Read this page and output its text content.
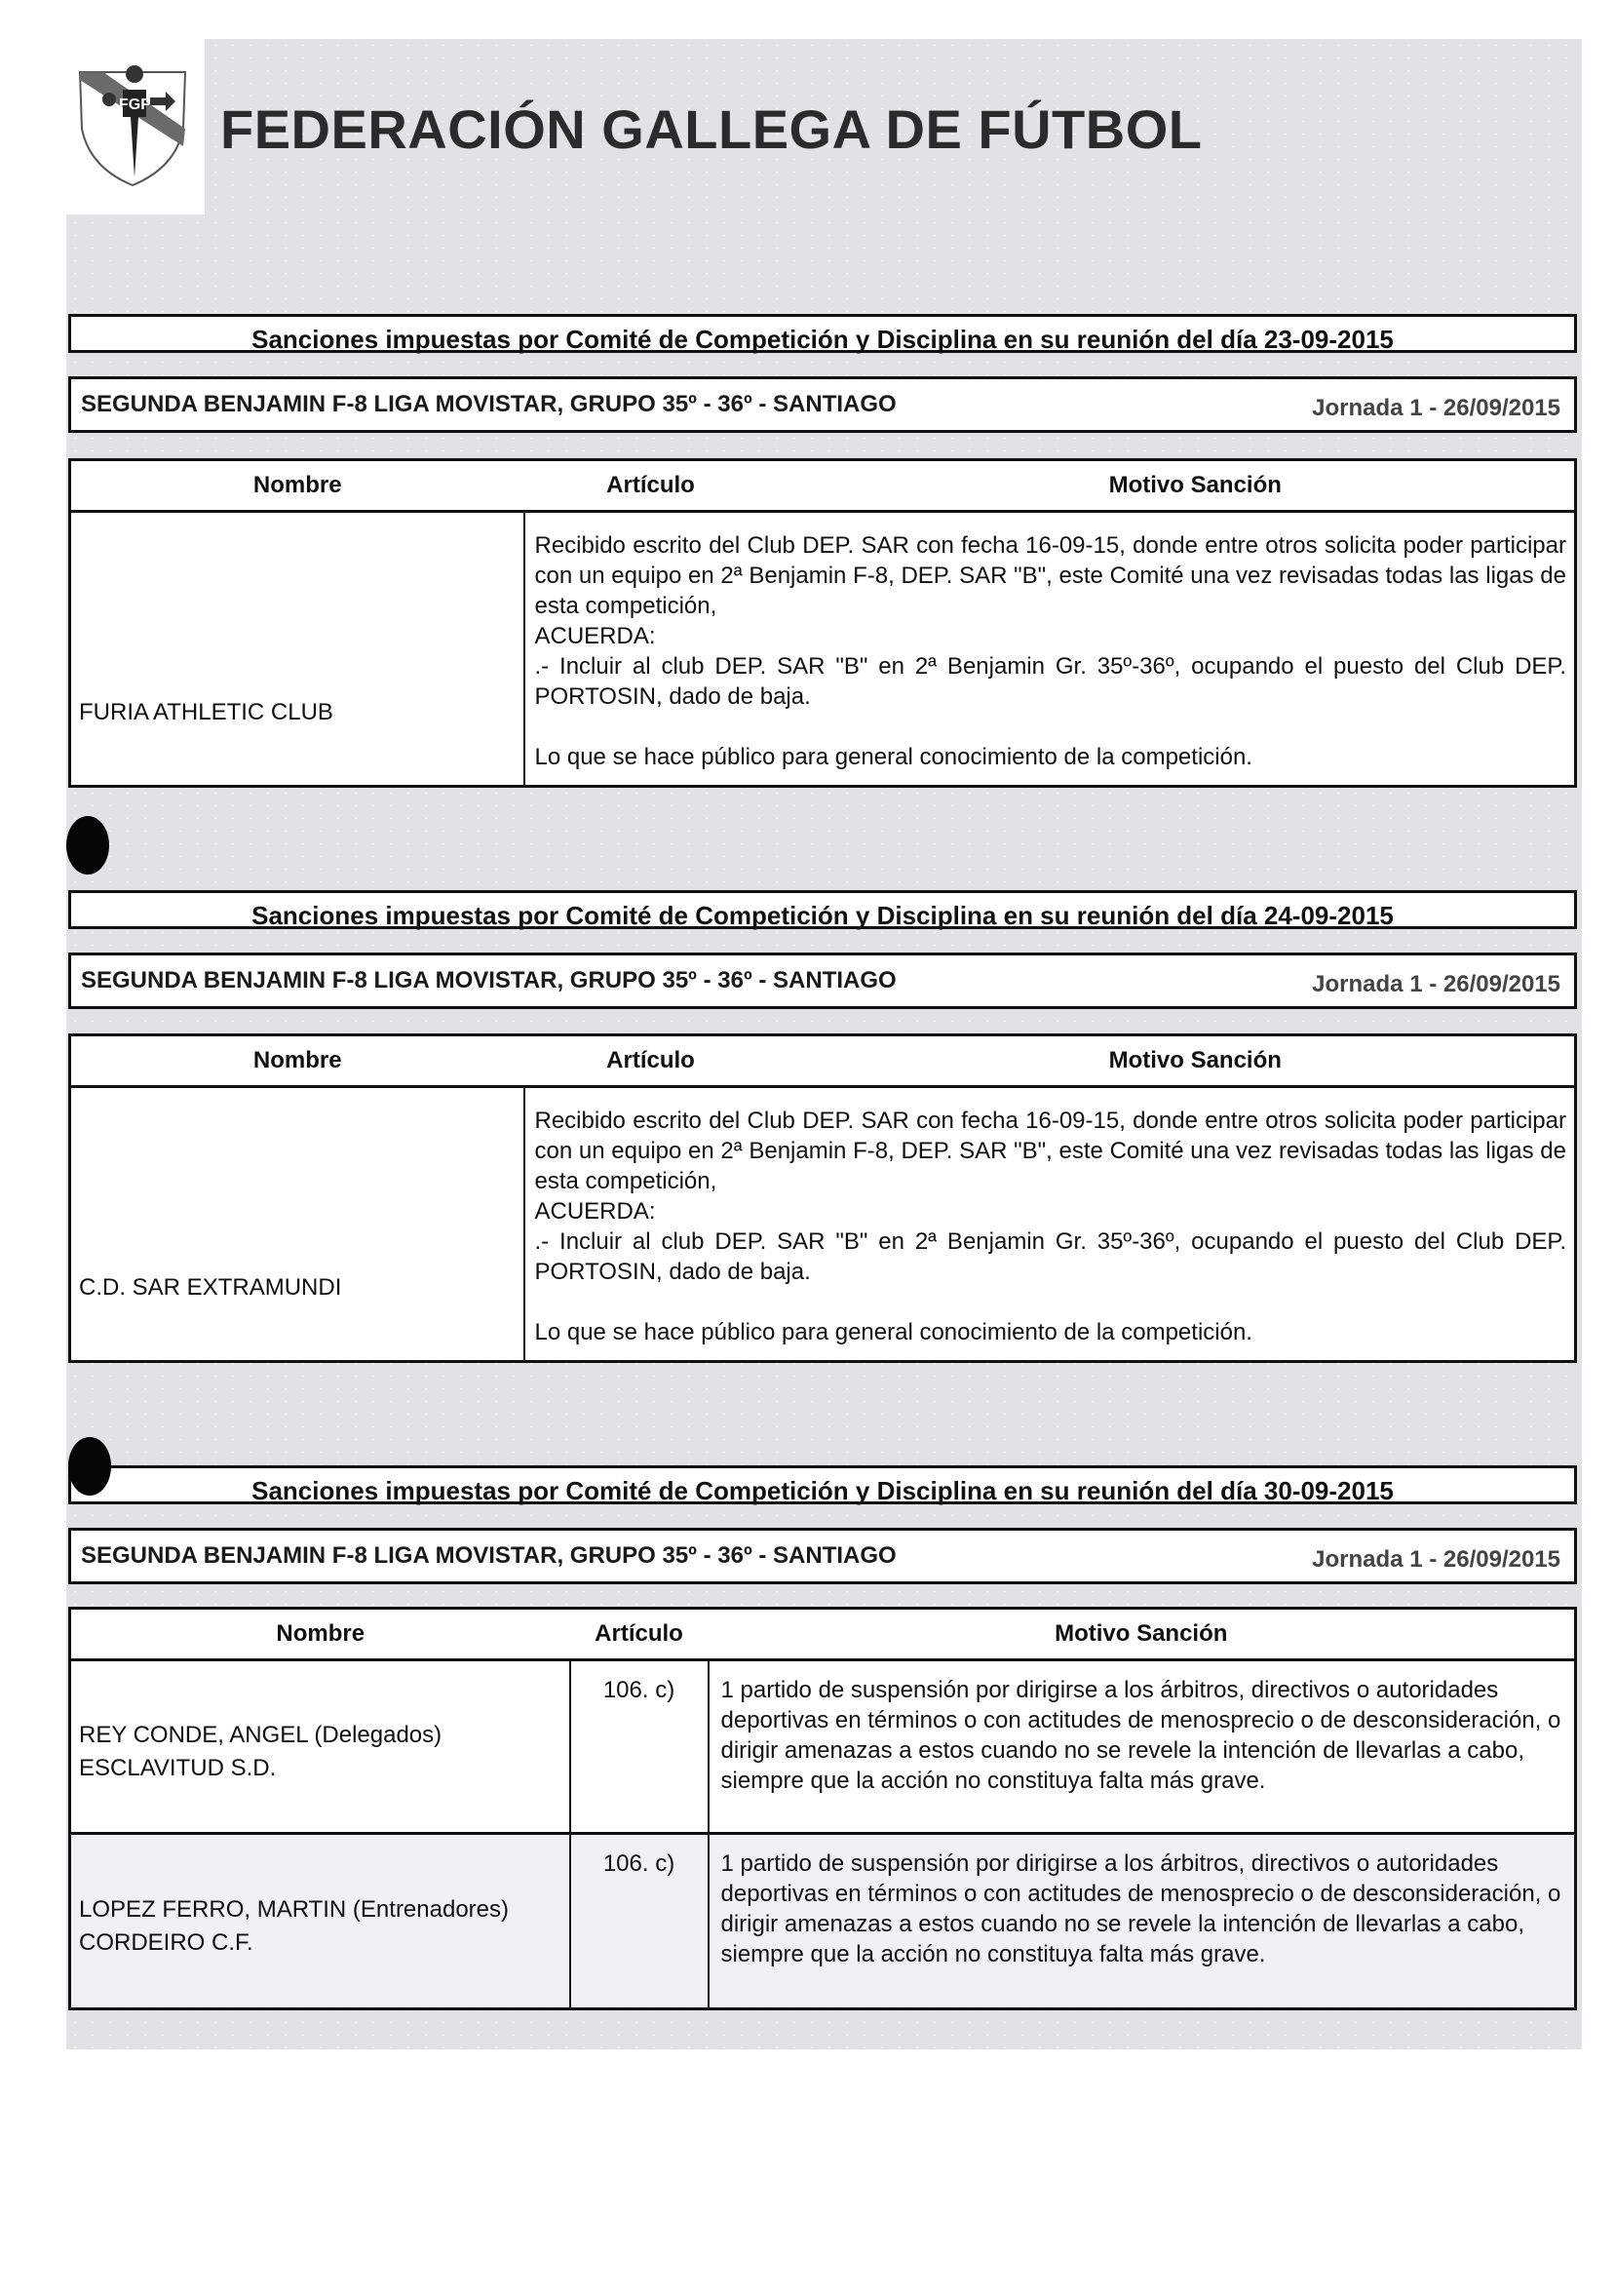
FGF FEDERACIÓN GALLEGA DE FÚTBOL
Sanciones impuestas por Comité de Competición y Disciplina en su reunión del día 23-09-2015
SEGUNDA BENJAMIN F-8 LIGA MOVISTAR, GRUPO 35º - 36º - SANTIAGO	Jornada 1 - 26/09/2015
Nombre	Artículo	Motivo Sanción
FURIA ATHLETIC CLUB	Recibido escrito del Club DEP. SAR con fecha 16-09-15, donde entre otros solicita poder participar con un equipo en 2ª Benjamin F-8, DEP. SAR "B", este Comité una vez revisadas todas las ligas de esta competición,

ACUERDA:

.- Incluir al club DEP. SAR "B" en 2ª Benjamin Gr. 35º-36º, ocupando el puesto del Club DEP. PORTOSIN, dado de baja.

Lo que se hace público para general conocimiento de la competición.	

Sanciones impuestas por Comité de Competición y Disciplina en su reunión del día 24-09-2015
SEGUNDA BENJAMIN F-8 LIGA MOVISTAR, GRUPO 35º - 36º - SANTIAGO	Jornada 1 - 26/09/2015
Nombre	Artículo	Motivo Sanción
C.D. SAR EXTRAMUNDI	Recibido escrito del Club DEP. SAR con fecha 16-09-15, donde entre otros solicita poder participar con un equipo en 2ª Benjamin F-8, DEP. SAR "B", este Comité una vez revisadas todas las ligas de esta competición,

ACUERDA:

.- Incluir al club DEP. SAR "B" en 2ª Benjamin Gr. 35º-36º, ocupando el puesto del Club DEP. PORTOSIN, dado de baja.

Lo que se hace público para general conocimiento de la competición.	

Sanciones impuestas por Comité de Competición y Disciplina en su reunión del día 30-09-2015
SEGUNDA BENJAMIN F-8 LIGA MOVISTAR, GRUPO 35º - 36º - SANTIAGO	Jornada 1 - 26/09/2015
Nombre	Artículo	Motivo Sanción

REY CONDE, ANGEL (Delegados)
ESCLAVITUD S.D.	106. c)	1 partido de suspensión por dirigirse a los árbitros, directivos o autoridades deportivas en términos o con actitudes de menosprecio o de desconsideración, o dirigir amenazas a estos cuando no se revele la intención de llevarlas a cabo, siempre que la acción no constituya falta más grave.

LOPEZ FERRO, MARTIN (Entrenadores)
CORDEIRO C.F.	106. c)	1 partido de suspensión por dirigirse a los árbitros, directivos o autoridades deportivas en términos o con actitudes de menosprecio o de desconsideración, o dirigir amenazas a estos cuando no se revele la intención de llevarlas a cabo, siempre que la acción no constituya falta más grave.
